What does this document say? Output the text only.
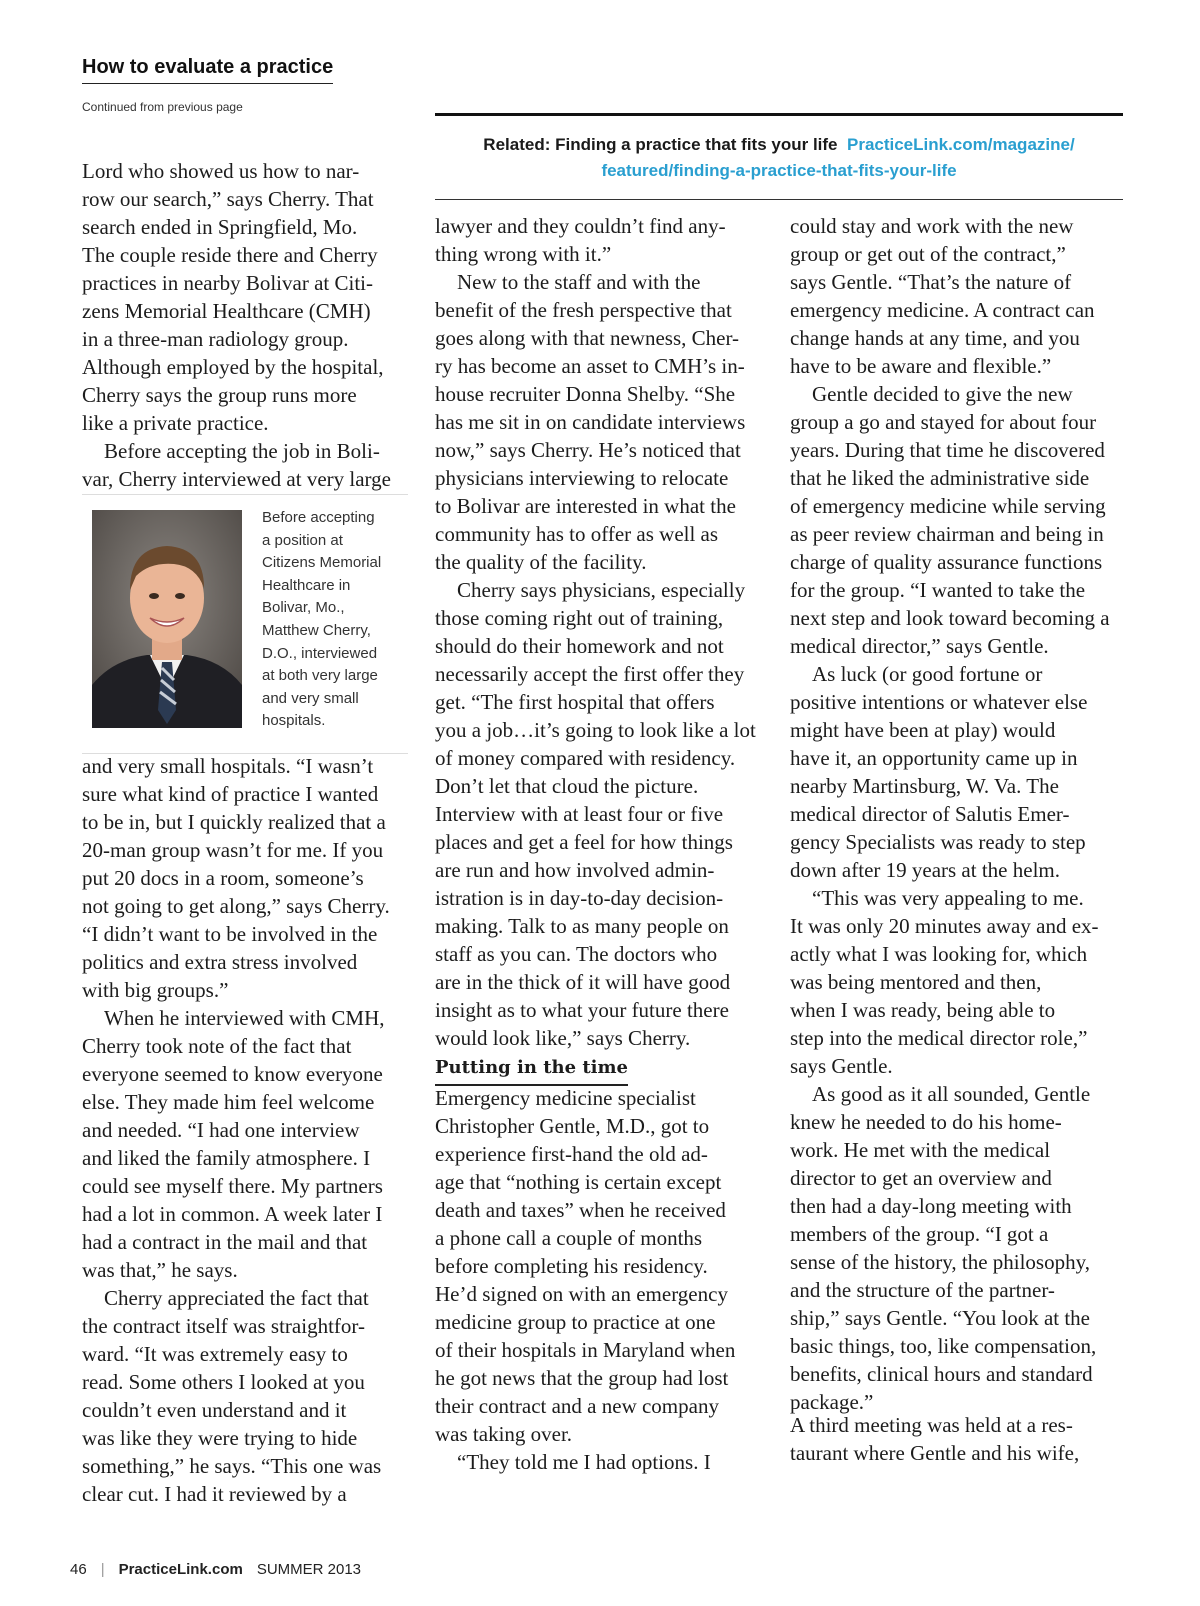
How to evaluate a practice
Continued from previous page
Related: Finding a practice that fits your life PracticeLink.com/magazine/
featured/finding-a-practice-that-fits-your-life

Lord who showed us how to nar-
row our search,” says Cherry. That
search ended in Springfield, Mo.
The couple reside there and Cherry
practices in nearby Bolivar at Citi-
zens Memorial Healthcare (CMH)
in a three-man radiology group.
Although employed by the hospital,
Cherry says the group runs more
like a private practice.

Before accepting the job in Boli-
var, Cherry interviewed at very large

Before accepting
a position at
Citizens Memorial
Healthcare in
Bolivar, Mo.,
Matthew Cherry,
D.O., interviewed
at both very large
and very small
hospitals.

and very small hospitals. “I wasn’t
sure what kind of practice I wanted
to be in, but I quickly realized that a
20-man group wasn’t for me. If you
put 20 docs in a room, someone’s
not going to get along,” says Cherry.
“I didn’t want to be involved in the
politics and extra stress involved
with big groups.”

When he interviewed with CMH,
Cherry took note of the fact that
everyone seemed to know everyone
else. They made him feel welcome
and needed. “I had one interview
and liked the family atmosphere. I
could see myself there. My partners
had a lot in common. A week later I
had a contract in the mail and that
was that,” he says.

Cherry appreciated the fact that
the contract itself was straightfor-
ward. “It was extremely easy to
read. Some others I looked at you
couldn’t even understand and it
was like they were trying to hide
something,” he says. “This one was
clear cut. I had it reviewed by a

lawyer and they couldn’t find any-
thing wrong with it.”

New to the staff and with the
benefit of the fresh perspective that
goes along with that newness, Cher-
ry has become an asset to CMH’s in-
house recruiter Donna Shelby. “She
has me sit in on candidate interviews
now,” says Cherry. He’s noticed that
physicians interviewing to relocate
to Bolivar are interested in what the
community has to offer as well as
the quality of the facility.

Cherry says physicians, especially
those coming right out of training,
should do their homework and not
necessarily accept the first offer they
get. “The first hospital that offers
you a job…it’s going to look like a lot
of money compared with residency.
Don’t let that cloud the picture.
Interview with at least four or five
places and get a feel for how things
are run and how involved admin-
istration is in day-to-day decision-
making. Talk to as many people on
staff as you can. The doctors who
are in the thick of it will have good
insight as to what your future there
would look like,” says Cherry.

Putting in the time

Emergency medicine specialist
Christopher Gentle, M.D., got to
experience first-hand the old ad-
age that “nothing is certain except
death and taxes” when he received
a phone call a couple of months
before completing his residency.
He’d signed on with an emergency
medicine group to practice at one
of their hospitals in Maryland when
he got news that the group had lost
their contract and a new company
was taking over.

“They told me I had options. I

could stay and work with the new
group or get out of the contract,”
says Gentle. “That’s the nature of
emergency medicine. A contract can
change hands at any time, and you
have to be aware and flexible.”

Gentle decided to give the new
group a go and stayed for about four
years. During that time he discovered
that he liked the administrative side
of emergency medicine while serving
as peer review chairman and being in
charge of quality assurance functions
for the group. “I wanted to take the
next step and look toward becoming a
medical director,” says Gentle.

As luck (or good fortune or
positive intentions or whatever else
might have been at play) would
have it, an opportunity came up in
nearby Martinsburg, W. Va. The
medical director of Salutis Emer-
gency Specialists was ready to step
down after 19 years at the helm.

“This was very appealing to me.
It was only 20 minutes away and ex-
actly what I was looking for, which
was being mentored and then,
when I was ready, being able to
step into the medical director role,”
says Gentle.

As good as it all sounded, Gentle
knew he needed to do his home-
work. He met with the medical
director to get an overview and
then had a day-long meeting with
members of the group. “I got a
sense of the history, the philosophy,
and the structure of the partner-
ship,” says Gentle. “You look at the
basic things, too, like compensation,
benefits, clinical hours and standard
package.”

A third meeting was held at a res-
taurant where Gentle and his wife,

46 | PracticeLink.com SUMMER 2013
